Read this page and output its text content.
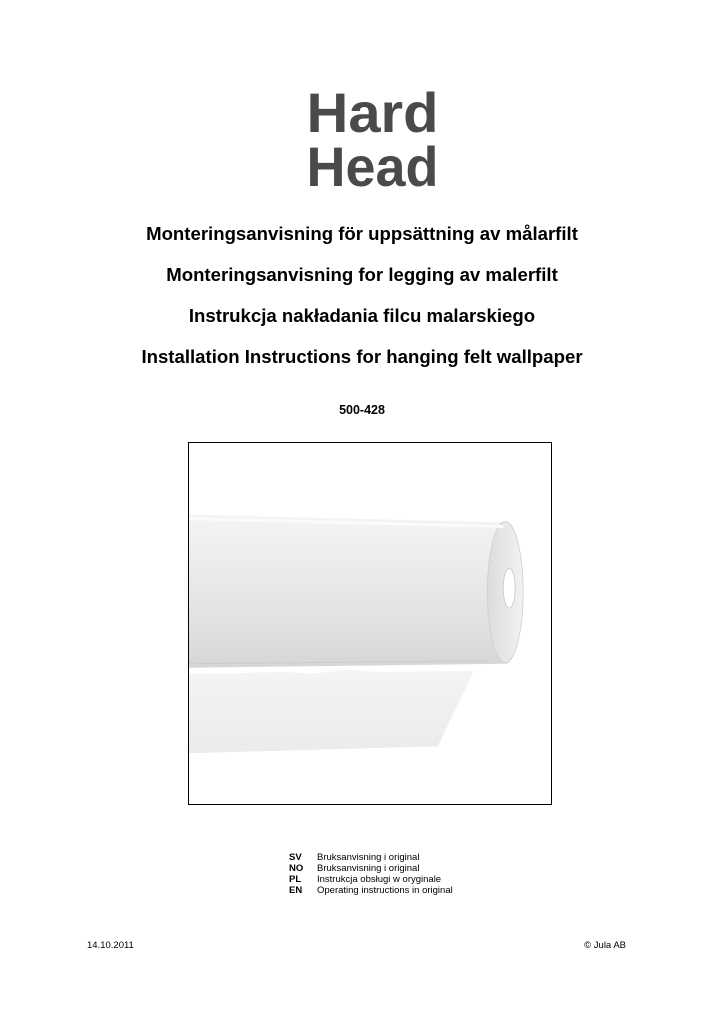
Hard
Head
Monteringsanvisning för uppsättning av målarfilt
Monteringsanvisning for legging av malerfilt
Instrukcja nakładania filcu malarskiego
Installation Instructions for hanging felt wallpaper
500-428
SV	Bruksanvisning i original
NO	Bruksanvisning i original
PL	Instrukcja obsługi w oryginale
EN	Operating instructions in original
14.10.2011	© Jula AB
